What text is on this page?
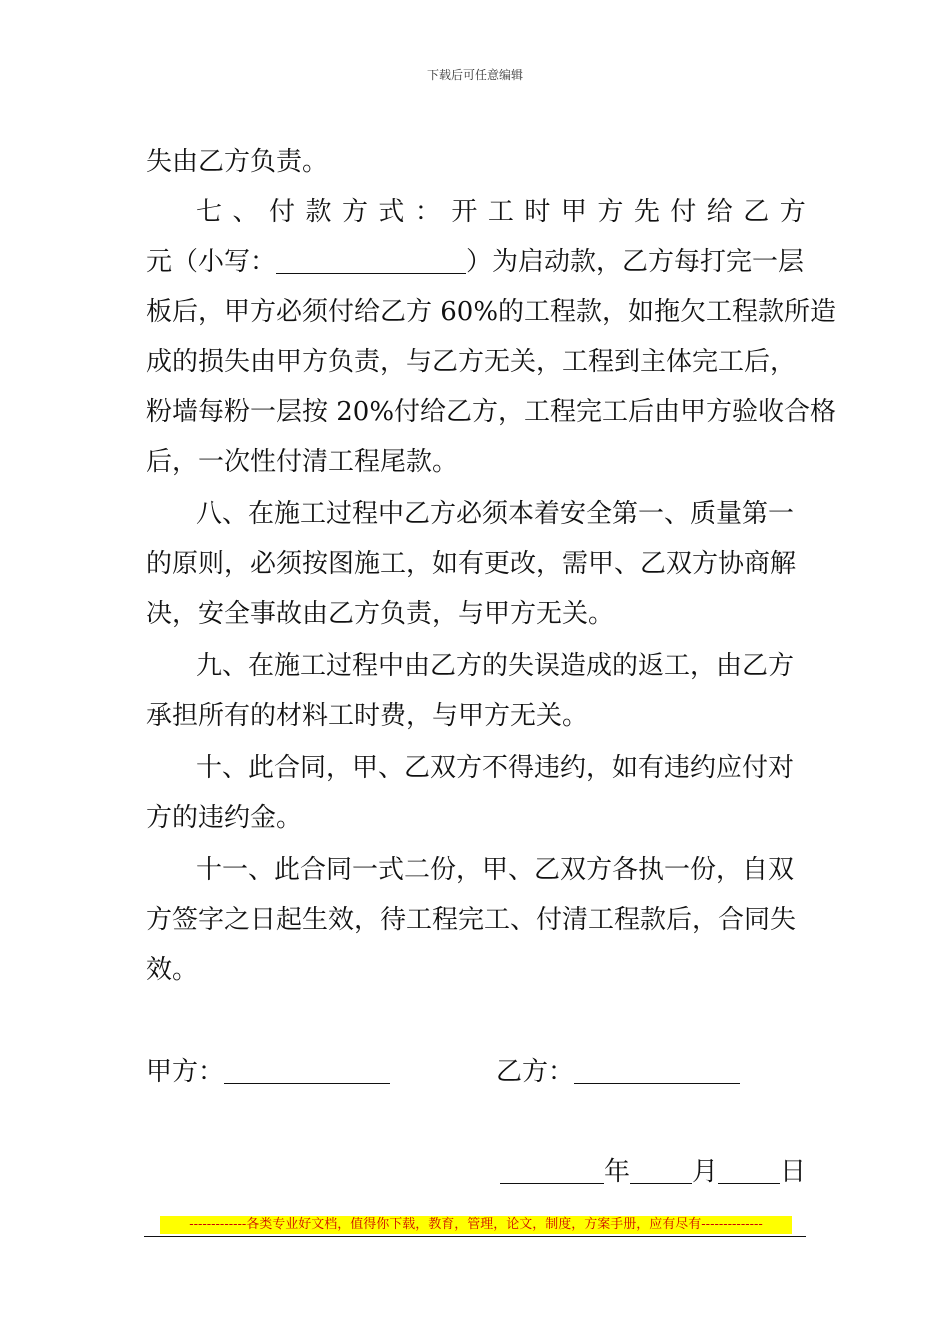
下载后可任意编辑
失由乙方负责。
七 、 付 款 方 式 ： 开 工 时 甲 方 先 付 给 乙 方
元（小写：	）为启动款，乙方每打完一层
板后，甲方必须付给乙方 60%的工程款，如拖欠工程款所造
成的损失由甲方负责，与乙方无关，工程到主体完工后，
粉墙每粉一层按 20%付给乙方，工程完工后由甲方验收合格
后，一次性付清工程尾款。
八、在施工过程中乙方必须本着安全第一、质量第一
的原则，必须按图施工，如有更改，需甲、乙双方协商解
决，安全事故由乙方负责，与甲方无关。
九、在施工过程中由乙方的失误造成的返工，由乙方
承担所有的材料工时费，与甲方无关。
十、此合同，甲、乙双方不得违约，如有违约应付对
方的违约金。
十一、此合同一式二份，甲、乙双方各执一份，自双
方签字之日起生效，待工程完工、付清工程款后，合同失
效。
甲方：	乙方：
年 月 日
-------------各类专业好文档，值得你下载，教育，管理，论文，制度，方案手册，应有尽有--------------
